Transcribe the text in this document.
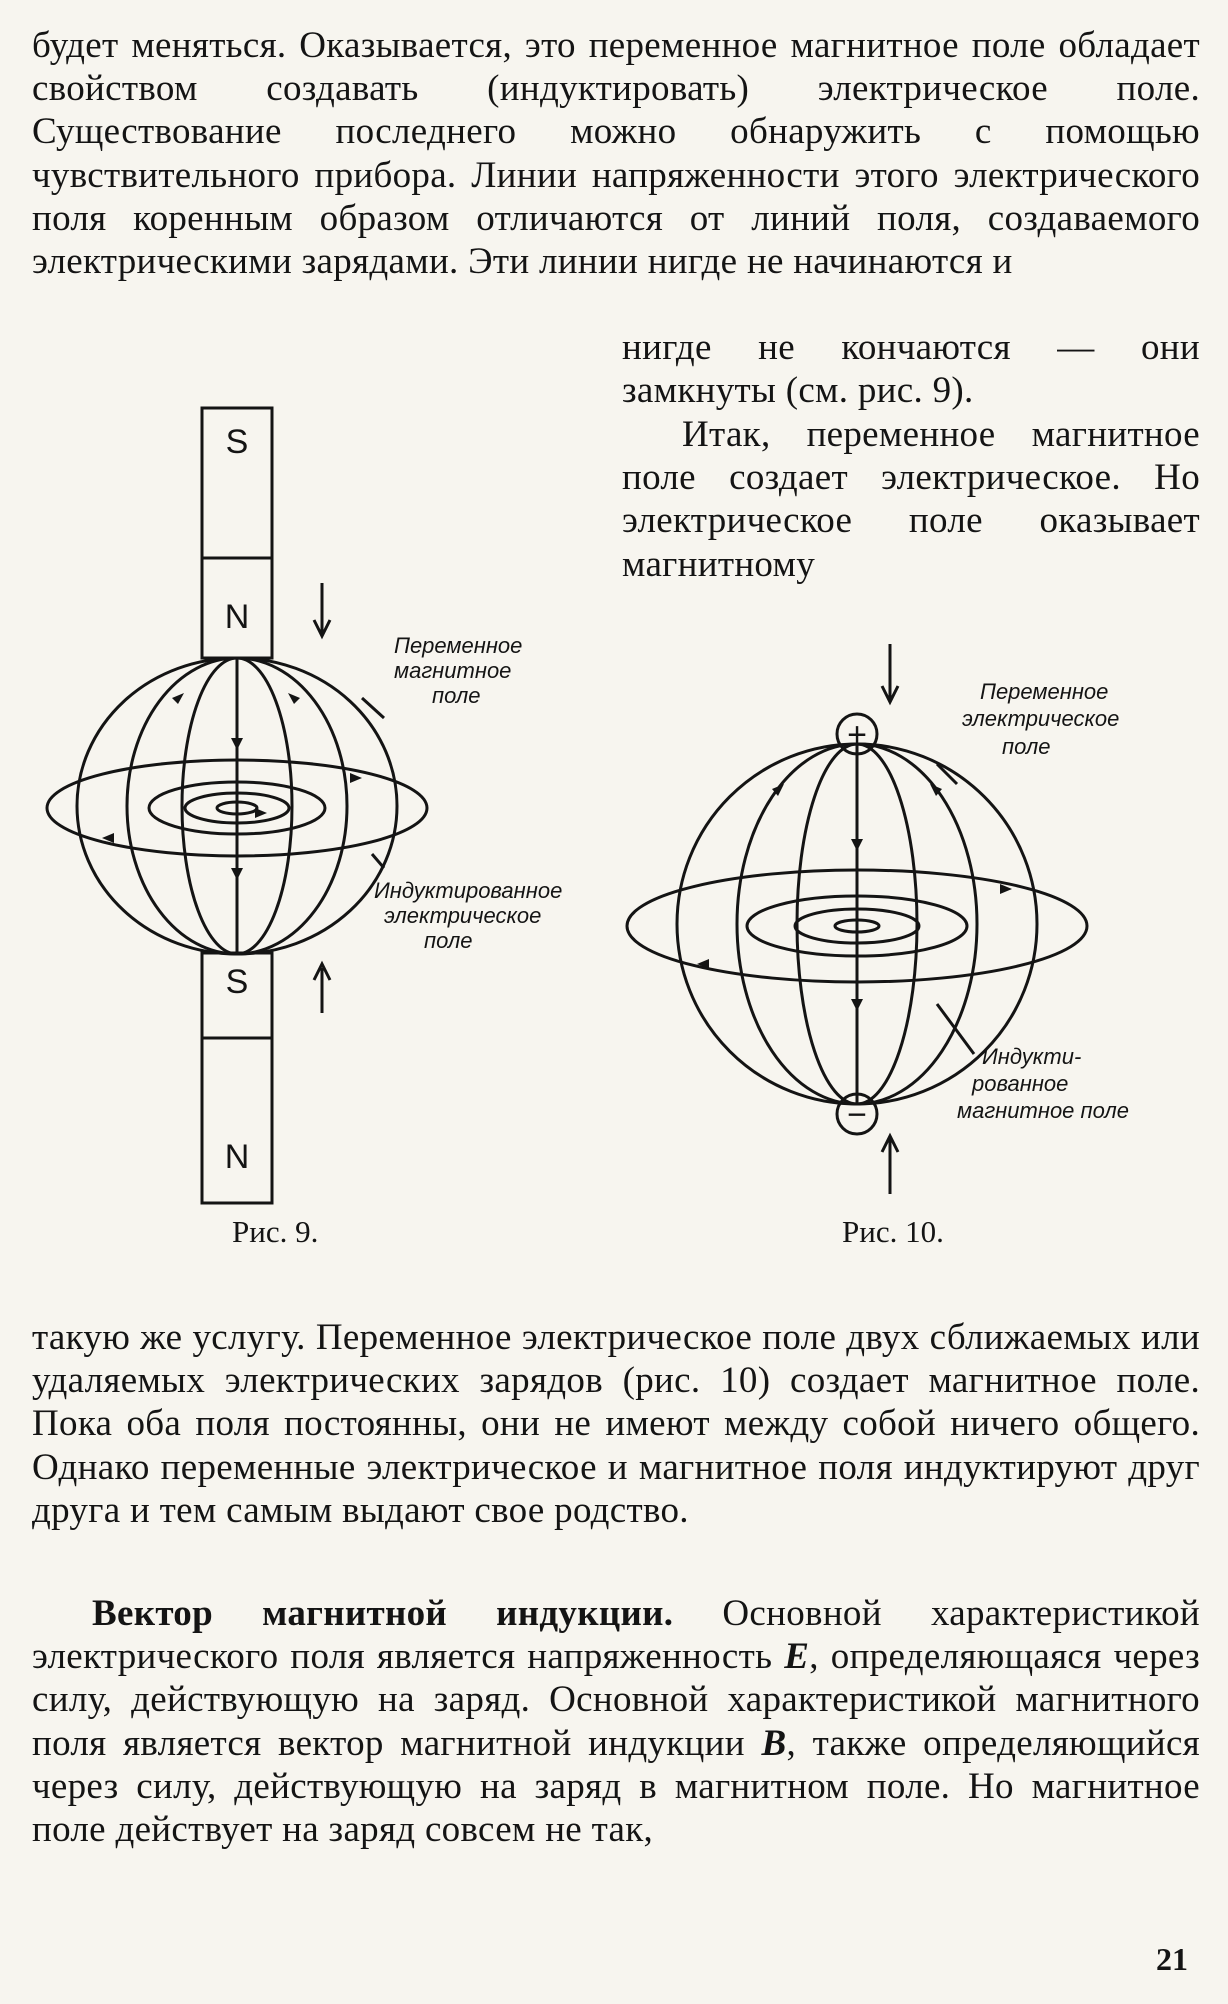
будет меняться. Оказывается, это переменное магнитное поле обладает свойством создавать (индуктировать) электрическое поле. Существование последнего можно обнаружить с помощью чувствительного прибора. Линии напряженности этого электрического поля коренным образом отличаются от линий поля, создаваемого электрическими зарядами. Эти линии нигде не начинаются и

нигде не кончаются — они замкнуты (см. рис. 9).

Итак, переменное магнитное поле создает электрическое. Но электрическое поле оказывает магнитному

S
N
S
N
Переменное
магнитное
поле
Индуктированное
электрическое
поле
+
−
Переменное
электрическое
поле
Индукти-
рованное
магнитное поле
Рис. 9.	Рис. 10.

такую же услугу. Переменное электрическое поле двух сближаемых или удаляемых электрических зарядов (рис. 10) создает магнитное поле. Пока оба поля постоянны, они не имеют между собой ничего общего. Однако переменные электрическое и магнитное поля индуктируют друг друга и тем самым выдают свое родство.

Вектор магнитной индукции. Основной характеристикой электрического поля является напряженность E, определяющаяся через силу, действующую на заряд. Основной характеристикой магнитного поля является вектор магнитной индукции B, также определяющийся через силу, действующую на заряд в магнитном поле. Но магнитное поле действует на заряд совсем не так,

21
